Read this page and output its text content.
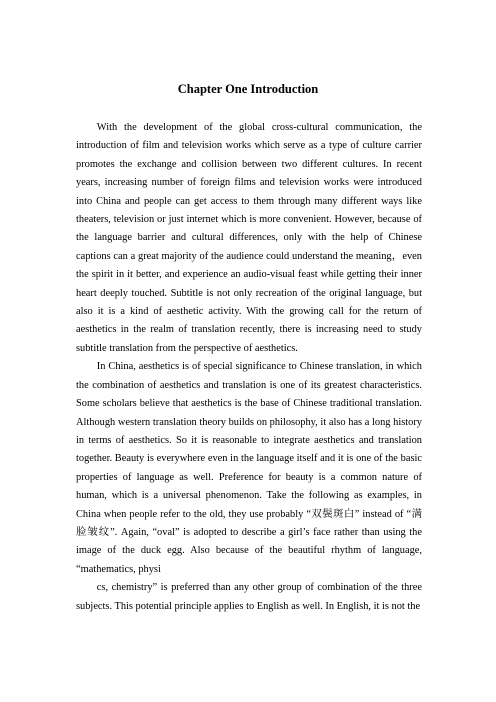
Chapter One Introduction

With the development of the global cross-cultural communication, the introduction of film and television works which serve as a type of culture carrier promotes the exchange and collision between two different cultures. In recent years, increasing number of foreign films and television works were introduced into China and people can get access to them through many different ways like theaters, television or just internet which is more convenient. However, because of the language barrier and cultural differences, only with the help of Chinese captions can a great majority of the audience could understand the meaning，even the spirit in it better, and experience an audio-visual feast while getting their inner heart deeply touched. Subtitle is not only recreation of the original language, but also it is a kind of aesthetic activity. With the growing call for the return of aesthetics in the realm of translation recently, there is increasing need to study subtitle translation from the perspective of aesthetics.

In China, aesthetics is of special significance to Chinese translation, in which the combination of aesthetics and translation is one of its greatest characteristics. Some scholars believe that aesthetics is the base of Chinese traditional translation. Although western translation theory builds on philosophy, it also has a long history in terms of aesthetics. So it is reasonable to integrate aesthetics and translation together. Beauty is everywhere even in the language itself and it is one of the basic properties of language as well. Preference for beauty is a common nature of human, which is a universal phenomenon. Take the following as examples, in China when people refer to the old, they use probably “双鬓斑白” instead of “满脸皱纹”. Again, “oval” is adopted to describe a girl’s face rather than using the image of the duck egg. Also because of the beautiful rhythm of language, “mathematics, physi

cs, chemistry” is preferred than any other group of combination of the three subjects. This potential principle applies to English as well. In English, it is not the
